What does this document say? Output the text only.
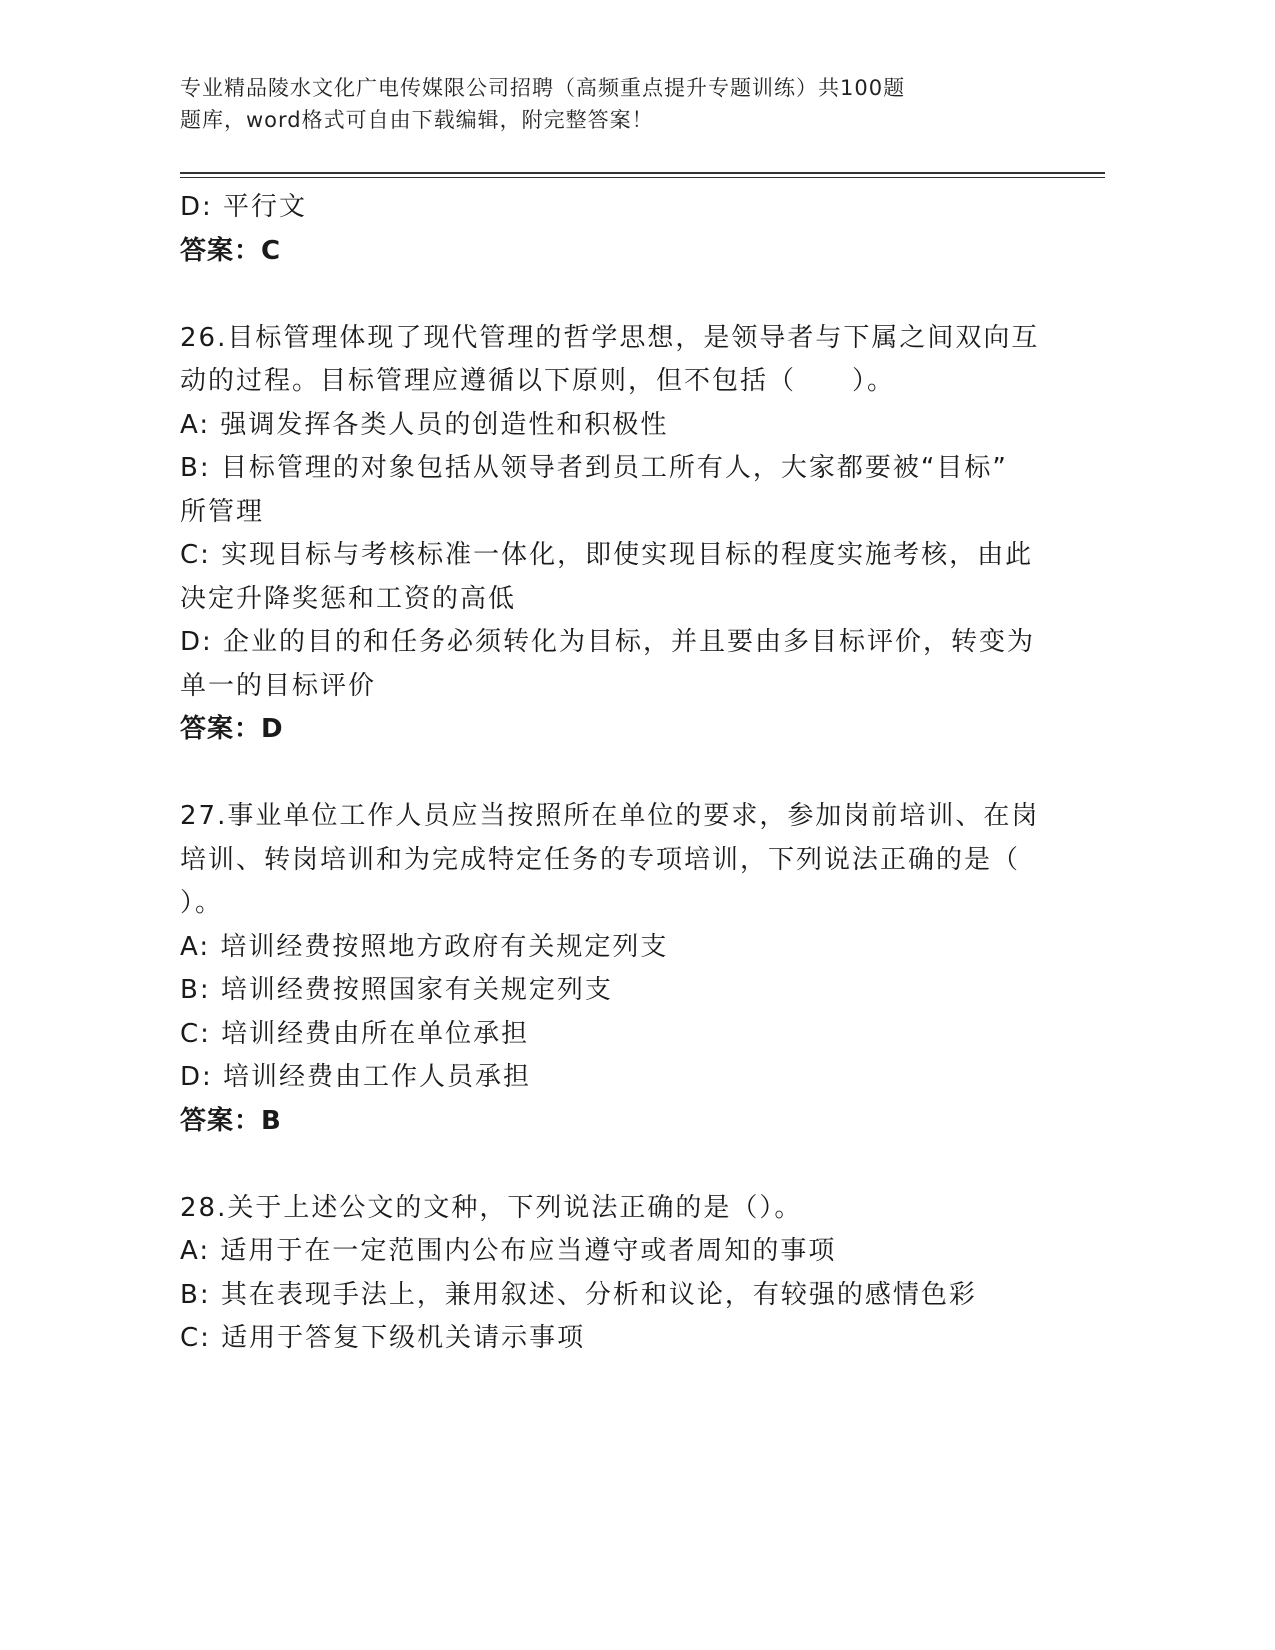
专业精品陵水文化广电传媒限公司招聘（高频重点提升专题训练）共100题
题库，word格式可自由下载编辑，附完整答案！
D: 平行文
答案：C
26.目标管理体现了现代管理的哲学思想，是领导者与下属之间双向互
动的过程。目标管理应遵循以下原则，但不包括（　　）。
A: 强调发挥各类人员的创造性和积极性
B: 目标管理的对象包括从领导者到员工所有人，大家都要被“目标”
所管理
C: 实现目标与考核标准一体化，即使实现目标的程度实施考核，由此
决定升降奖惩和工资的高低
D: 企业的目的和任务必须转化为目标，并且要由多目标评价，转变为
单一的目标评价
答案：D
27.事业单位工作人员应当按照所在单位的要求，参加岗前培训、在岗
培训、转岗培训和为完成特定任务的专项培训，下列说法正确的是（
）。
A: 培训经费按照地方政府有关规定列支
B: 培训经费按照国家有关规定列支
C: 培训经费由所在单位承担
D: 培训经费由工作人员承担
答案：B
28.关于上述公文的文种，下列说法正确的是（）。
A: 适用于在一定范围内公布应当遵守或者周知的事项
B: 其在表现手法上，兼用叙述、分析和议论，有较强的感情色彩
C: 适用于答复下级机关请示事项
